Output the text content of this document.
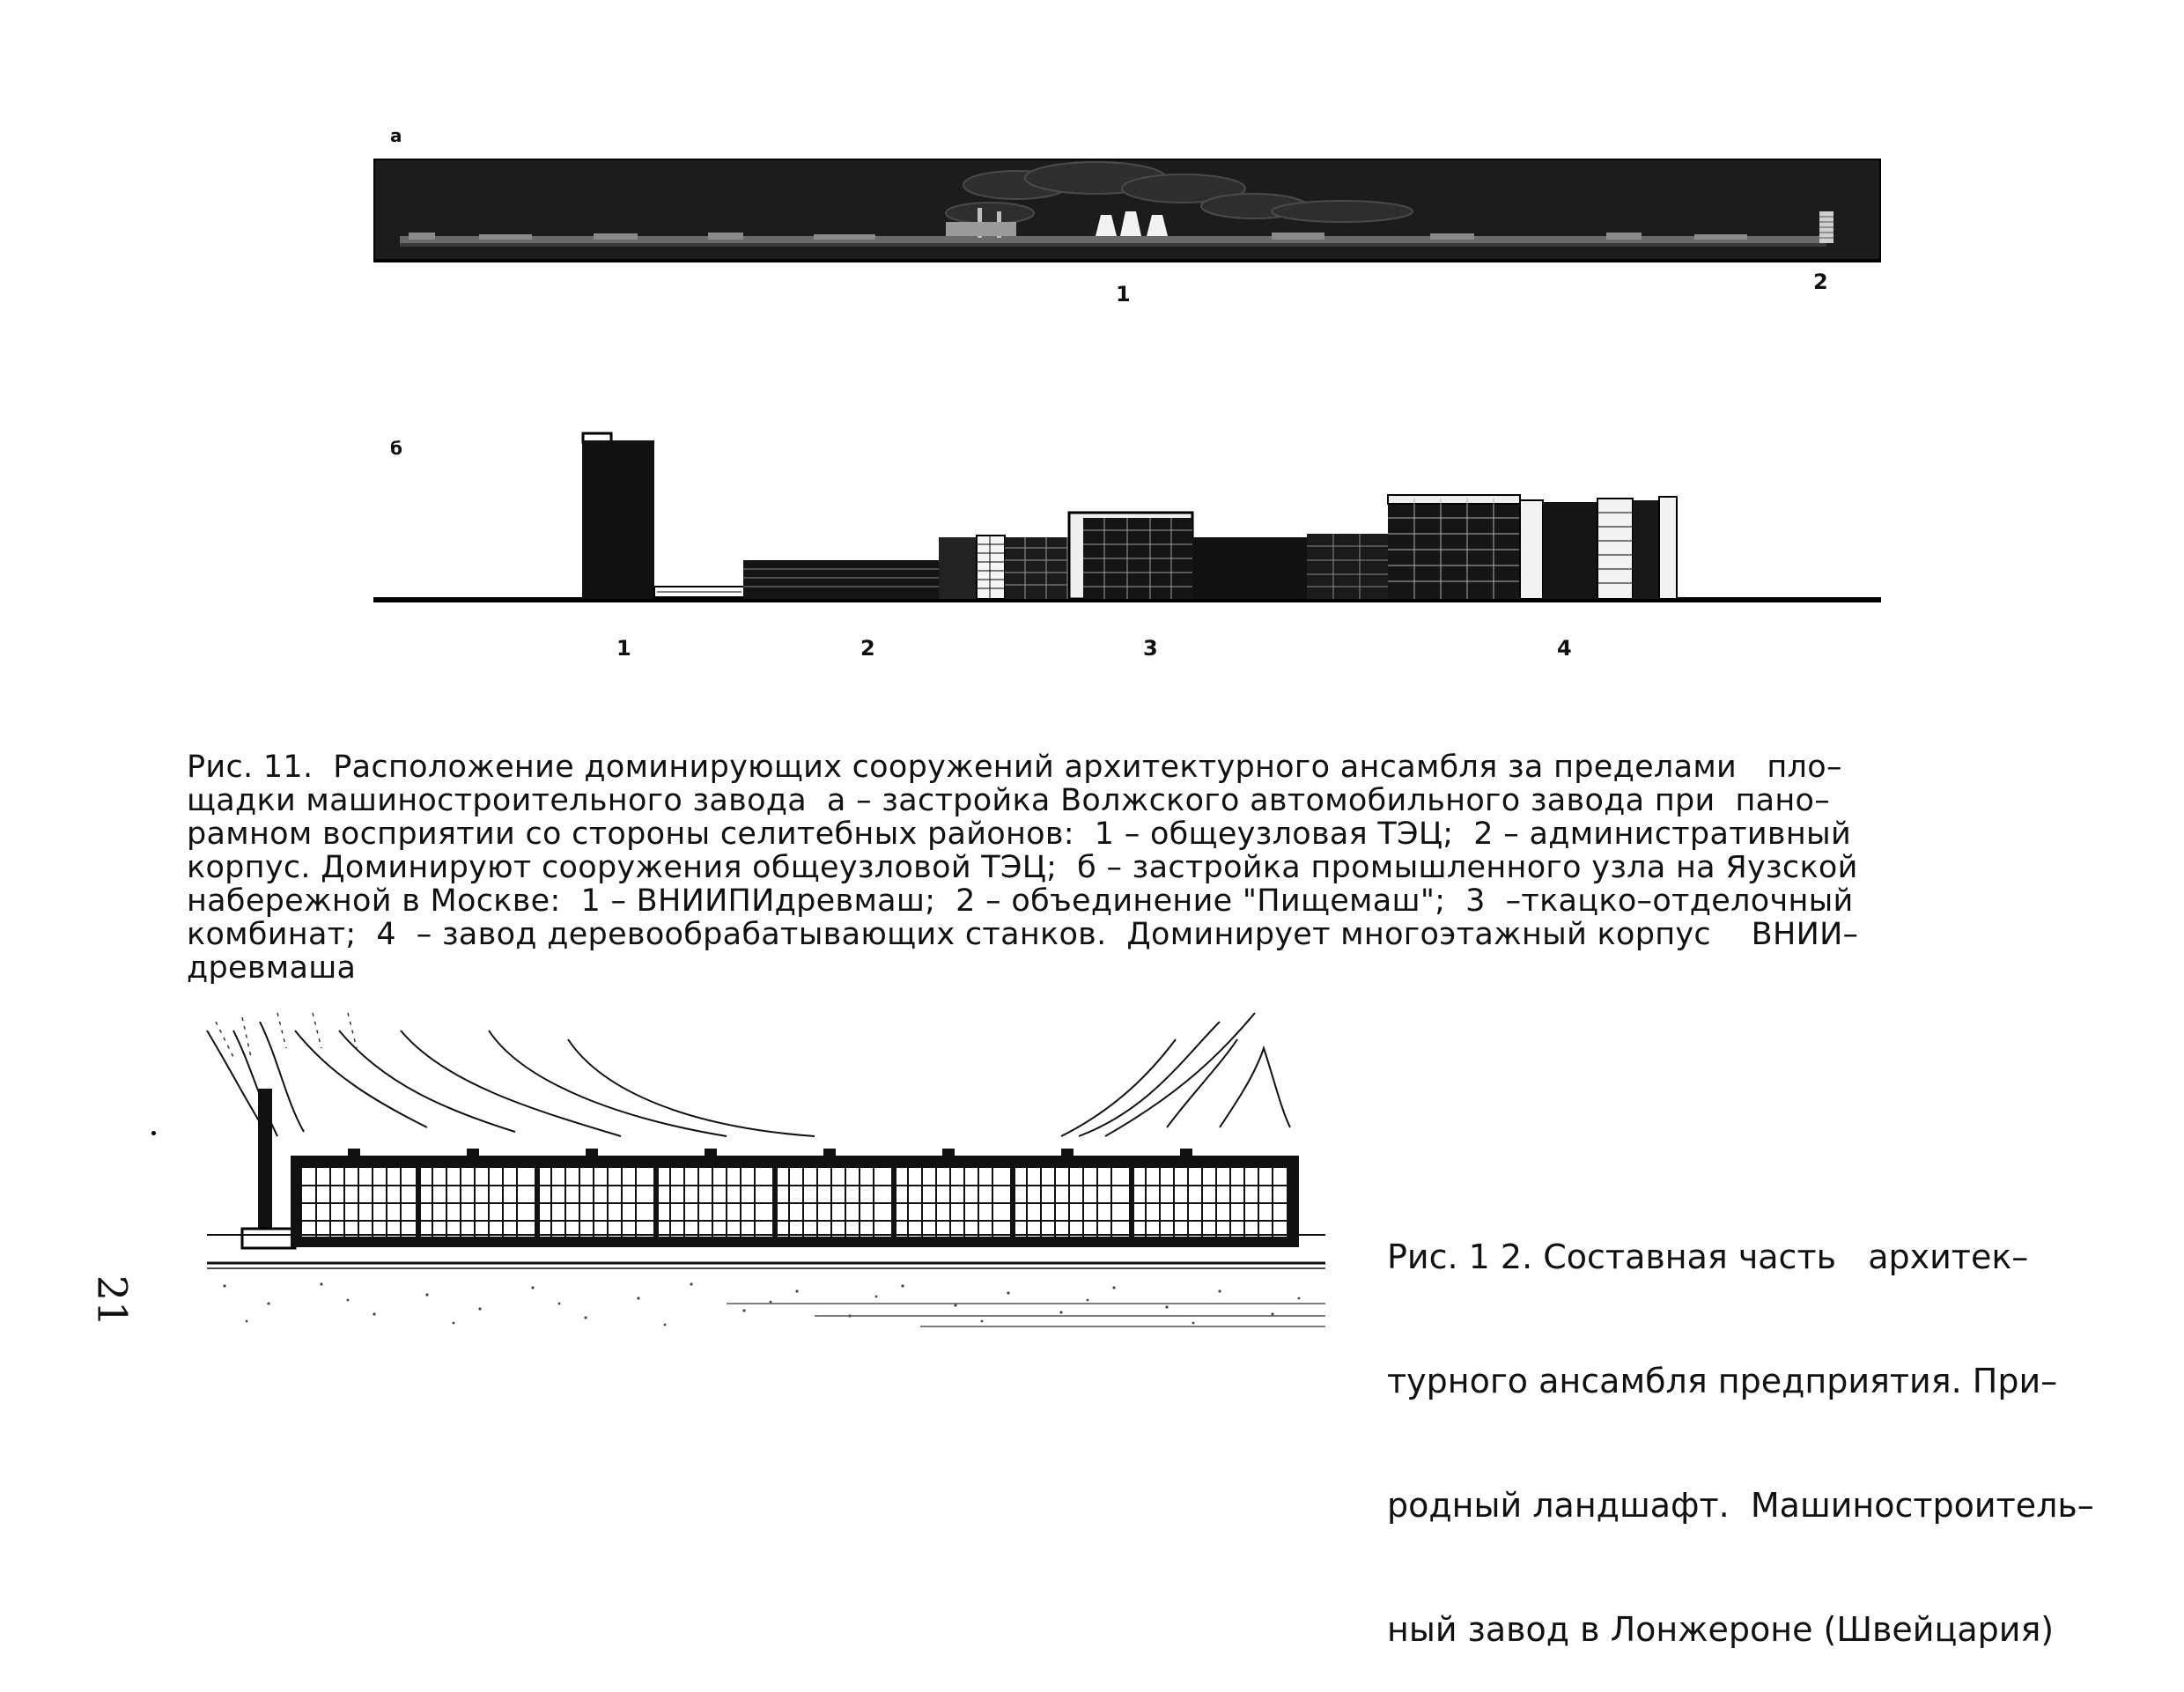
а
1	2
б
1	2	3	4
Рис. 11.  Расположение доминирующих сооружений архитектурного ансамбля за пределами   пло–
щадки машиностроительного завода  а – застройка Волжского автомобильного завода при  пано–
рамном восприятии со стороны селитебных районов:  1 – общеузловая ТЭЦ;  2 – административный
корпус. Доминируют сооружения общеузловой ТЭЦ;  б – застройка промышленного узла на Яузской
набережной в Москве:  1 – ВНИИПИдревмаш;  2 – объединение "Пищемаш";  3  –ткацко–отделочный
комбинат;  4  – завод деревообрабатывающих станков.  Доминирует многоэтажный корпус    ВНИИ–
древмаша

Рис. 1 2. Составная часть   архитек–

турного ансамбля предприятия. При–

родный ландшафт.  Машиностроитель–

ный завод в Лонжероне (Швейцария)

21
